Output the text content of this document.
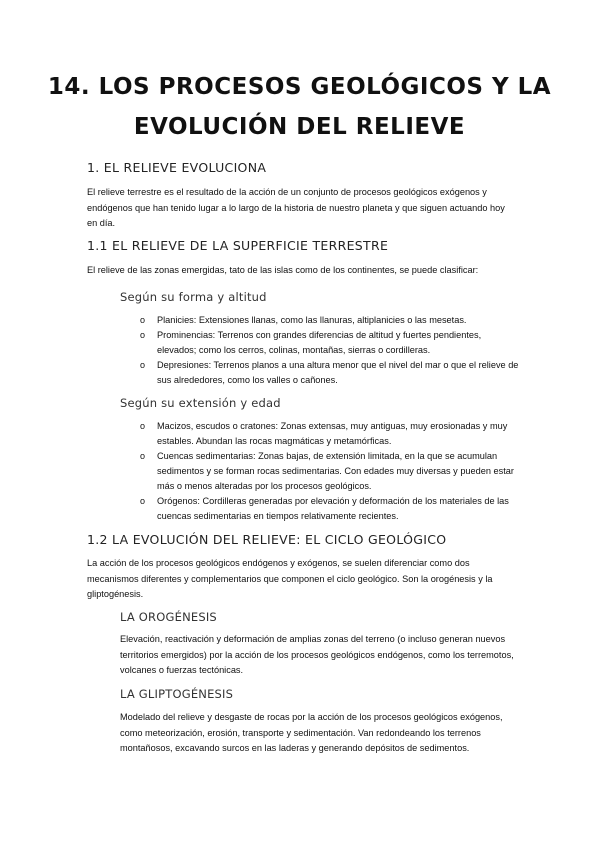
14. LOS PROCESOS GEOLÓGICOS Y LA
EVOLUCIÓN DEL RELIEVE
1. EL RELIEVE EVOLUCIONA
El relieve terrestre es el resultado de la acción de un conjunto de procesos geológicos exógenos y endógenos que han tenido lugar a lo largo de la historia de nuestro planeta y que siguen actuando hoy en día.
1.1 EL RELIEVE DE LA SUPERFICIE TERRESTRE
El relieve de las zonas emergidas, tato de las islas como de los continentes, se puede clasificar:
Según su forma y altitud
o Planicies: Extensiones llanas, como las llanuras, altiplanicies o las mesetas.
o Prominencias: Terrenos con grandes diferencias de altitud y fuertes pendientes, elevados; como los cerros, colinas, montañas, sierras o cordilleras.
o Depresiones: Terrenos planos a una altura menor que el nivel del mar o que el relieve de sus alrededores, como los valles o cañones.
Según su extensión y edad
o Macizos, escudos o cratones: Zonas extensas, muy antiguas, muy erosionadas y muy estables. Abundan las rocas magmáticas y metamórficas.
o Cuencas sedimentarias: Zonas bajas, de extensión limitada, en la que se acumulan sedimentos y se forman rocas sedimentarias. Con edades muy diversas y pueden estar más o menos alteradas por los procesos geológicos.
o Orógenos: Cordilleras generadas por elevación y deformación de los materiales de las cuencas sedimentarias en tiempos relativamente recientes.
1.2 LA EVOLUCIÓN DEL RELIEVE: EL CICLO GEOLÓGICO
La acción de los procesos geológicos endógenos y exógenos, se suelen diferenciar como dos mecanismos diferentes y complementarios que componen el ciclo geológico. Son la orogénesis y la gliptogénesis.
LA OROGÉNESIS
Elevación, reactivación y deformación de amplias zonas del terreno (o incluso generan nuevos territorios emergidos) por la acción de los procesos geológicos endógenos, como los terremotos, volcanes o fuerzas tectónicas.
LA GLIPTOGÉNESIS
Modelado del relieve y desgaste de rocas por la acción de los procesos geológicos exógenos, como meteorización, erosión, transporte y sedimentación. Van redondeando los terrenos montañosos, excavando surcos en las laderas y generando depósitos de sedimentos.
